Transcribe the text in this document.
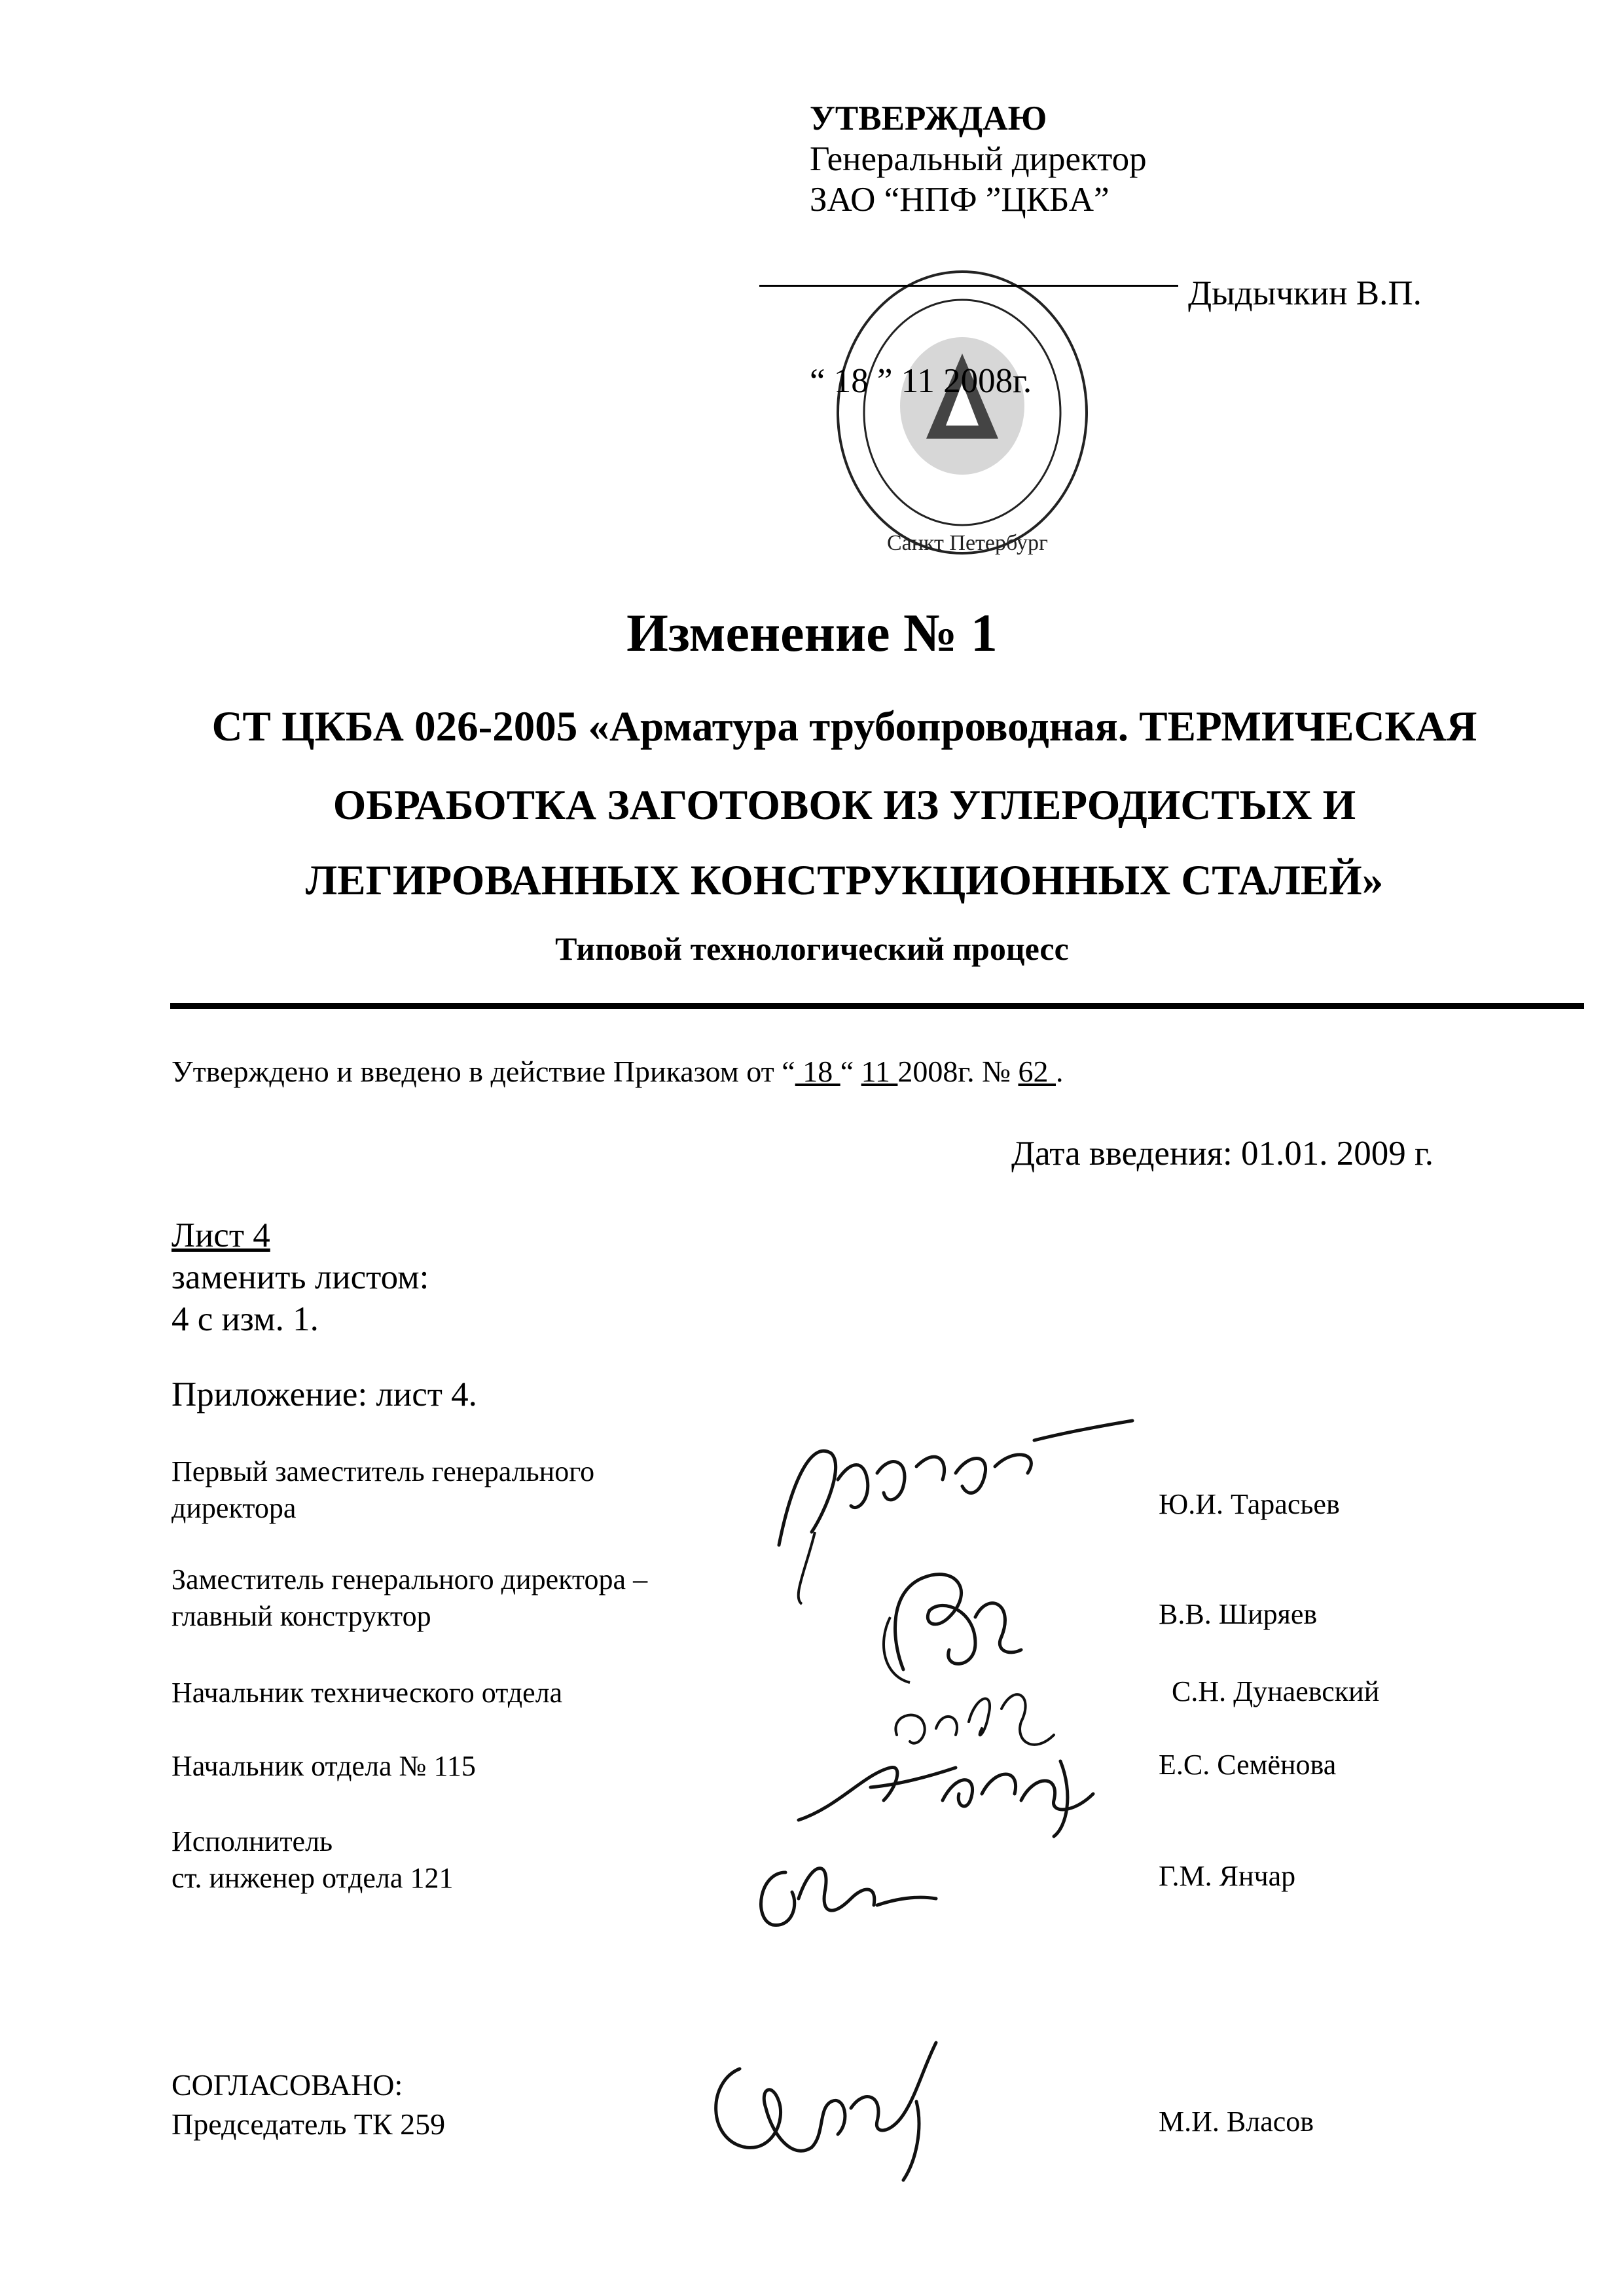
УТВЕРЖДАЮ
Генеральный директор
ЗАО “НПФ ”ЦКБА”
Санкт Петербург
Дыдычкин В.П.
“ 18 ” 11 2008г.
Изменение № 1
СТ ЦКБА 026-2005 «Арматура трубопроводная. ТЕРМИЧЕСКАЯ
ОБРАБОТКА ЗАГОТОВОК ИЗ УГЛЕРОДИСТЫХ И
ЛЕГИРОВАННЫХ КОНСТРУКЦИОННЫХ СТАЛЕЙ»
Типовой технологический процесс
Утверждено и введено в действие Приказом от “ 18 “ 11 2008г. № 62 .
Дата введения: 01.01. 2009 г.
Лист 4
заменить листом:
4 с изм. 1.
Приложение: лист 4.
Первый заместитель генерального
директора	Ю.И. Тарасьев
Заместитель генерального директора –
главный конструктор	В.В. Ширяев
Начальник технического отдела	С.Н. Дунаевский
Начальник отдела № 115	Е.С. Семёнова
Исполнитель
ст. инженер отдела 121	Г.М. Янчар
СОГЛАСОВАНО:
Председатель ТК 259	М.И. Власов
